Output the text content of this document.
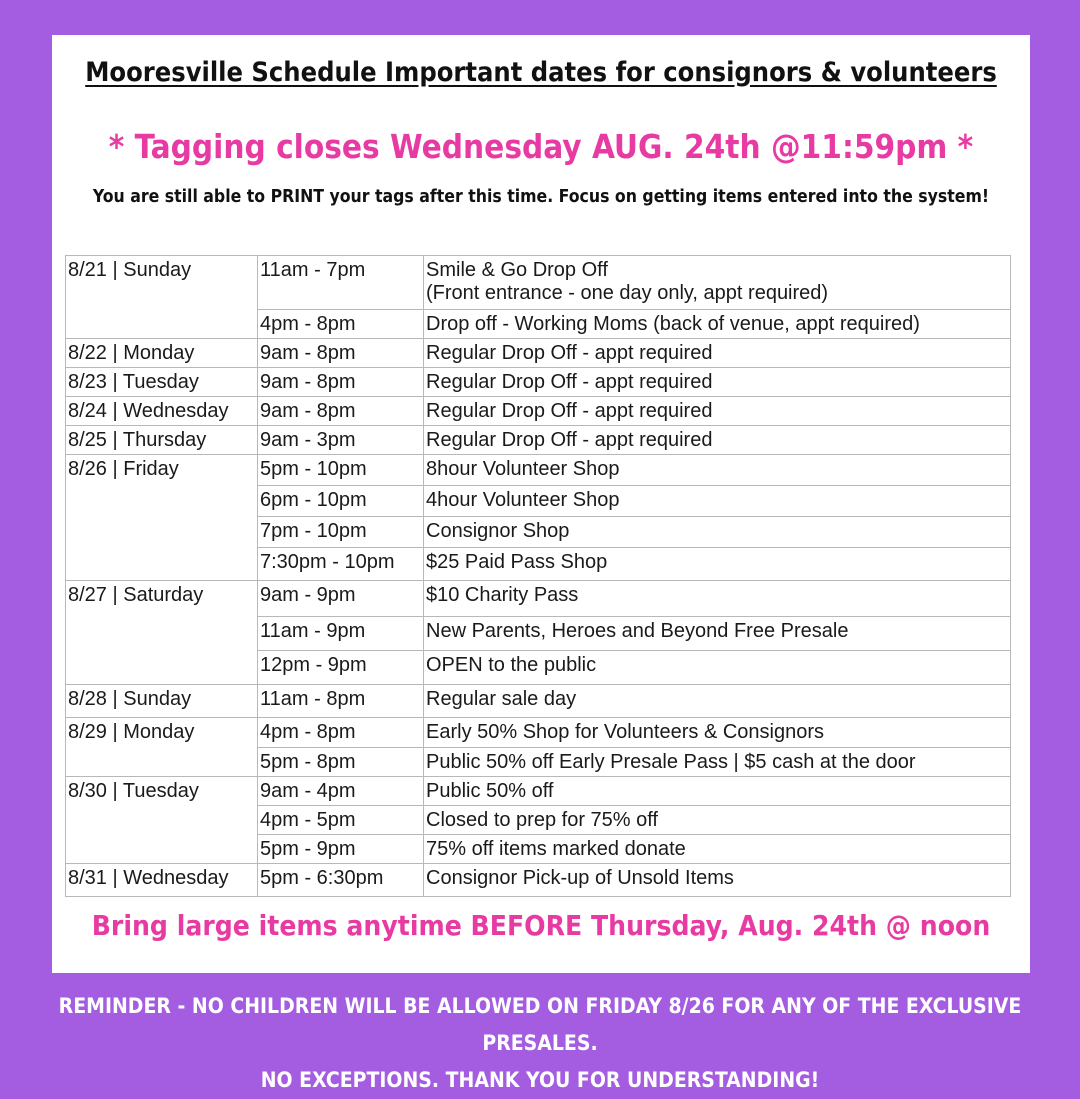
Mooresville Schedule Important dates for consignors & volunteers
* Tagging closes Wednesday AUG. 24th @11:59pm *
You are still able to PRINT your tags after this time. Focus on getting items entered into the system!
8/21 | Sunday	11am - 7pm	Smile & Go Drop Off
(Front entrance - one day only, appt required)

	4pm - 8pm	Drop off - Working Moms (back of venue, appt required)

8/22 | Monday	9am - 8pm	Regular Drop Off - appt required

8/23 | Tuesday	9am - 8pm	Regular Drop Off - appt required

8/24 | Wednesday	9am - 8pm	Regular Drop Off - appt required

8/25 | Thursday	9am - 3pm	Regular Drop Off - appt required

8/26 | Friday	5pm - 10pm	8hour Volunteer Shop

	6pm - 10pm	4hour Volunteer Shop

	7pm - 10pm	Consignor Shop

	7:30pm - 10pm	$25 Paid Pass Shop

8/27 | Saturday	9am - 9pm	$10 Charity Pass

	11am - 9pm	New Parents, Heroes and Beyond Free Presale

	12pm - 9pm	OPEN to the public

8/28 | Sunday	11am - 8pm	Regular sale day

8/29 | Monday	4pm - 8pm	Early 50% Shop for Volunteers & Consignors

	5pm - 8pm	Public 50% off Early Presale Pass | $5 cash at the door

8/30 | Tuesday	9am - 4pm	Public 50% off

	4pm - 5pm	Closed to prep for 75% off

	5pm - 9pm	75% off items marked donate

8/31 | Wednesday	5pm - 6:30pm	Consignor Pick-up of Unsold Items
Bring large items anytime BEFORE Thursday, Aug. 24th @ noon
REMINDER - NO CHILDREN WILL BE ALLOWED ON FRIDAY 8/26 FOR ANY OF THE EXCLUSIVE PRESALES.
NO EXCEPTIONS. THANK YOU FOR UNDERSTANDING!
